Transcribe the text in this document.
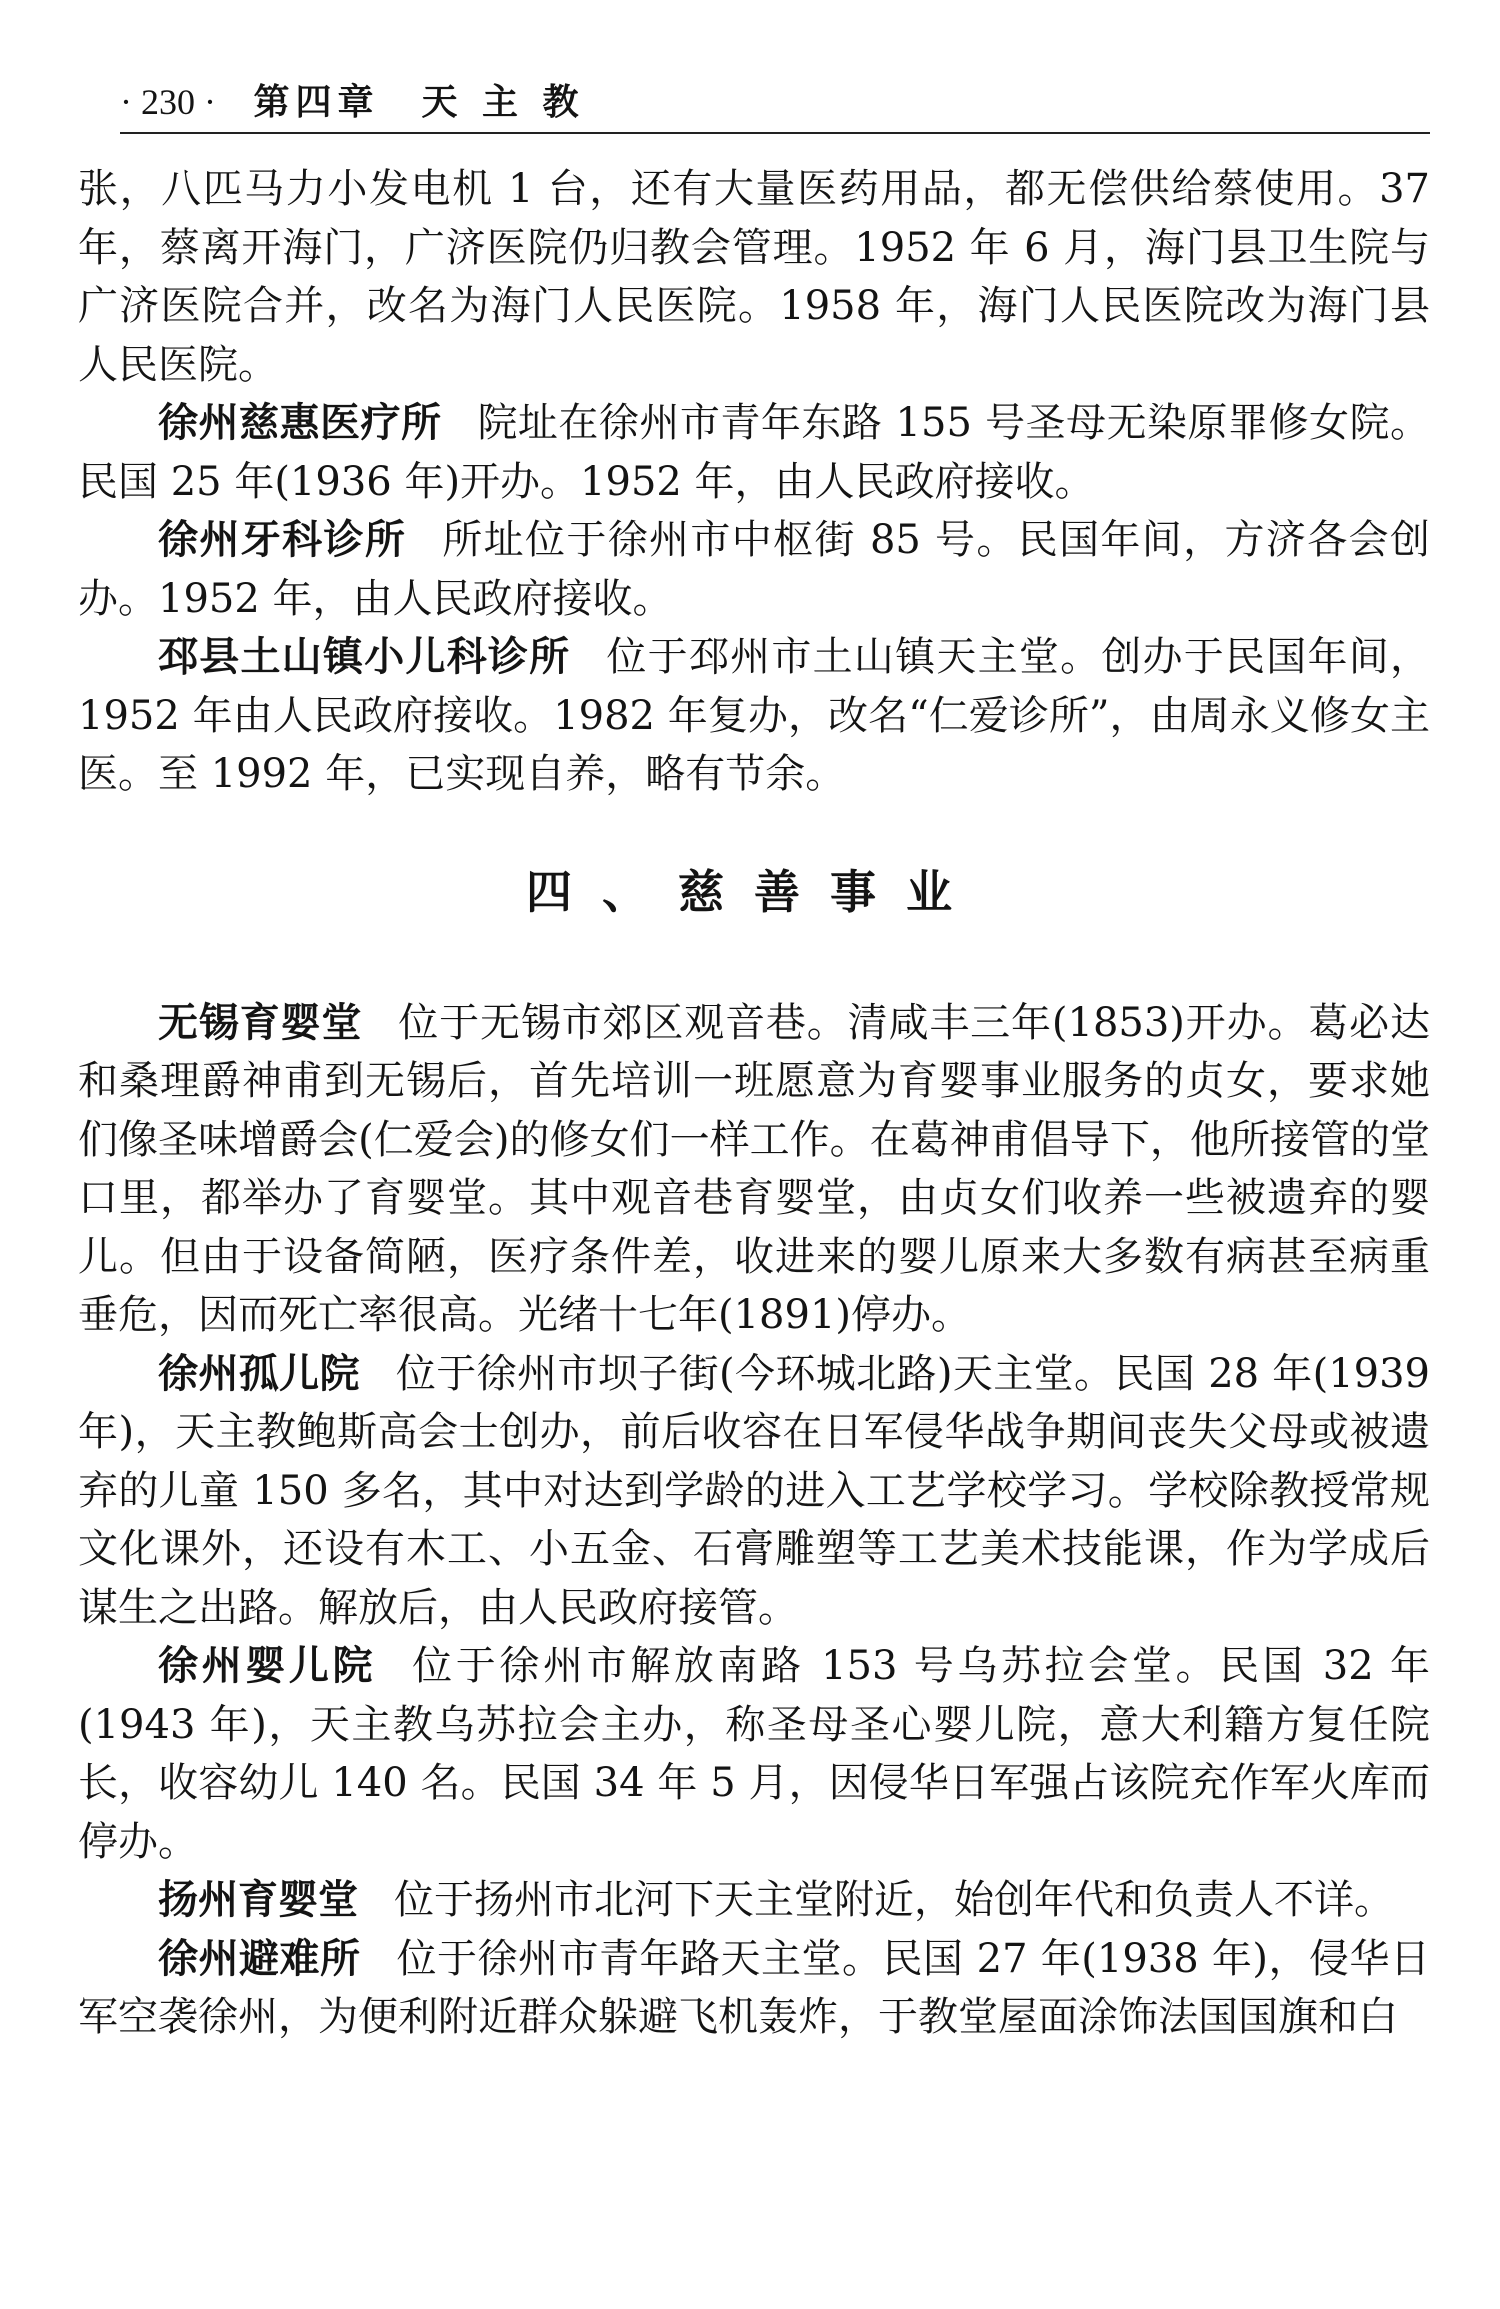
· 230 · 第四章　天 主 教

张，八匹马力小发电机 1 台，还有大量医药用品，都无偿供给蔡使用。37 年，蔡离开海门，广济医院仍归教会管理。1952 年 6 月，海门县卫生院与广济医院合并，改名为海门人民医院。1958 年，海门人民医院改为海门县人民医院。

徐州慈惠医疗所 院址在徐州市青年东路 155 号圣母无染原罪修女院。民国 25 年(1936 年)开办。1952 年，由人民政府接收。

徐州牙科诊所 所址位于徐州市中枢街 85 号。民国年间，方济各会创办。1952 年，由人民政府接收。

邳县土山镇小儿科诊所 位于邳州市土山镇天主堂。创办于民国年间，1952 年由人民政府接收。1982 年复办，改名“仁爱诊所”，由周永义修女主医。至 1992 年，已实现自养，略有节余。

四、慈善事业

无锡育婴堂 位于无锡市郊区观音巷。清咸丰三年(1853)开办。葛必达和桑理爵神甫到无锡后，首先培训一班愿意为育婴事业服务的贞女，要求她们像圣味增爵会(仁爱会)的修女们一样工作。在葛神甫倡导下，他所接管的堂口里，都举办了育婴堂。其中观音巷育婴堂，由贞女们收养一些被遗弃的婴儿。但由于设备简陋，医疗条件差，收进来的婴儿原来大多数有病甚至病重垂危，因而死亡率很高。光绪十七年(1891)停办。

徐州孤儿院 位于徐州市坝子街(今环城北路)天主堂。民国 28 年(1939 年)，天主教鲍斯高会士创办，前后收容在日军侵华战争期间丧失父母或被遗弃的儿童 150 多名，其中对达到学龄的进入工艺学校学习。学校除教授常规文化课外，还设有木工、小五金、石膏雕塑等工艺美术技能课，作为学成后谋生之出路。解放后，由人民政府接管。

徐州婴儿院 位于徐州市解放南路 153 号乌苏拉会堂。民国 32 年(1943 年)，天主教乌苏拉会主办，称圣母圣心婴儿院，意大利籍方复任院长，收容幼儿 140 名。民国 34 年 5 月，因侵华日军强占该院充作军火库而停办。

扬州育婴堂 位于扬州市北河下天主堂附近，始创年代和负责人不详。

徐州避难所 位于徐州市青年路天主堂。民国 27 年(1938 年)，侵华日军空袭徐州，为便利附近群众躲避飞机轰炸，于教堂屋面涂饰法国国旗和白
